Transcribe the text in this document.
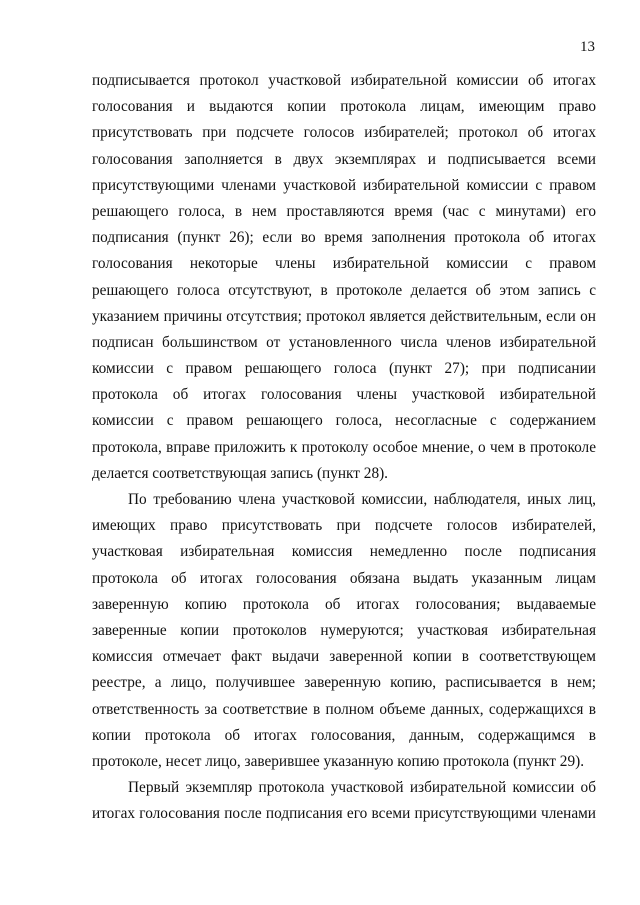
13
подписывается протокол участковой избирательной комиссии об итогах
голосования и выдаются копии протокола лицам, имеющим право
присутствовать при подсчете голосов избирателей; протокол об итогах
голосования заполняется в двух экземплярах и подписывается всеми
присутствующими членами участковой избирательной комиссии с правом
решающего голоса, в нем проставляются время (час с минутами) его
подписания (пункт 26); если во время заполнения протокола об итогах
голосования некоторые члены избирательной комиссии с правом
решающего голоса отсутствуют, в протоколе делается об этом запись с
указанием причины отсутствия; протокол является действительным, если он
подписан большинством от установленного числа членов избирательной
комиссии с правом решающего голоса (пункт 27); при подписании
протокола об итогах голосования члены участковой избирательной
комиссии с правом решающего голоса, несогласные с содержанием
протокола, вправе приложить к протоколу особое мнение, о чем в протоколе
делается соответствующая запись (пункт 28).
По требованию члена участковой комиссии, наблюдателя, иных лиц,
имеющих право присутствовать при подсчете голосов избирателей,
участковая избирательная комиссия немедленно после подписания
протокола об итогах голосования обязана выдать указанным лицам
заверенную копию протокола об итогах голосования; выдаваемые
заверенные копии протоколов нумеруются; участковая избирательная
комиссия отмечает факт выдачи заверенной копии в соответствующем
реестре, а лицо, получившее заверенную копию, расписывается в нем;
ответственность за соответствие в полном объеме данных, содержащихся в
копии протокола об итогах голосования, данным, содержащимся в
протоколе, несет лицо, заверившее указанную копию протокола (пункт 29).
Первый экземпляр протокола участковой избирательной комиссии об
итогах голосования после подписания его всеми присутствующими членами
